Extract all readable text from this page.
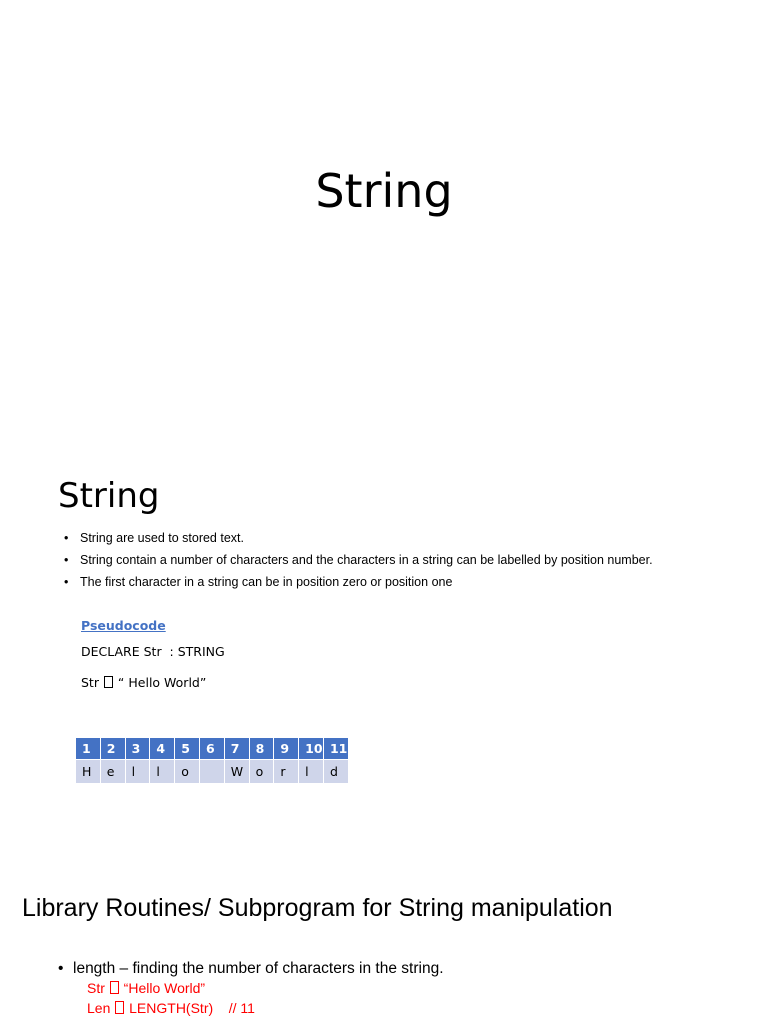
String
String
• String are used to stored text.
• String contain a number of characters and the characters in a string can be labelled by position number.
• The first character in a string can be in position zero or position one
Pseudocode
DECLARE Str  : STRING
Str  “ Hello World”
1	2	3	4	5	6	7	8	9	10	11
H	e	l	l	o		W	o	r	l	d
Library Routines/ Subprogram for String manipulation
• length – finding the number of characters in the string.
Str  “Hello World”
Len  LENGTH(Str)    // 11
